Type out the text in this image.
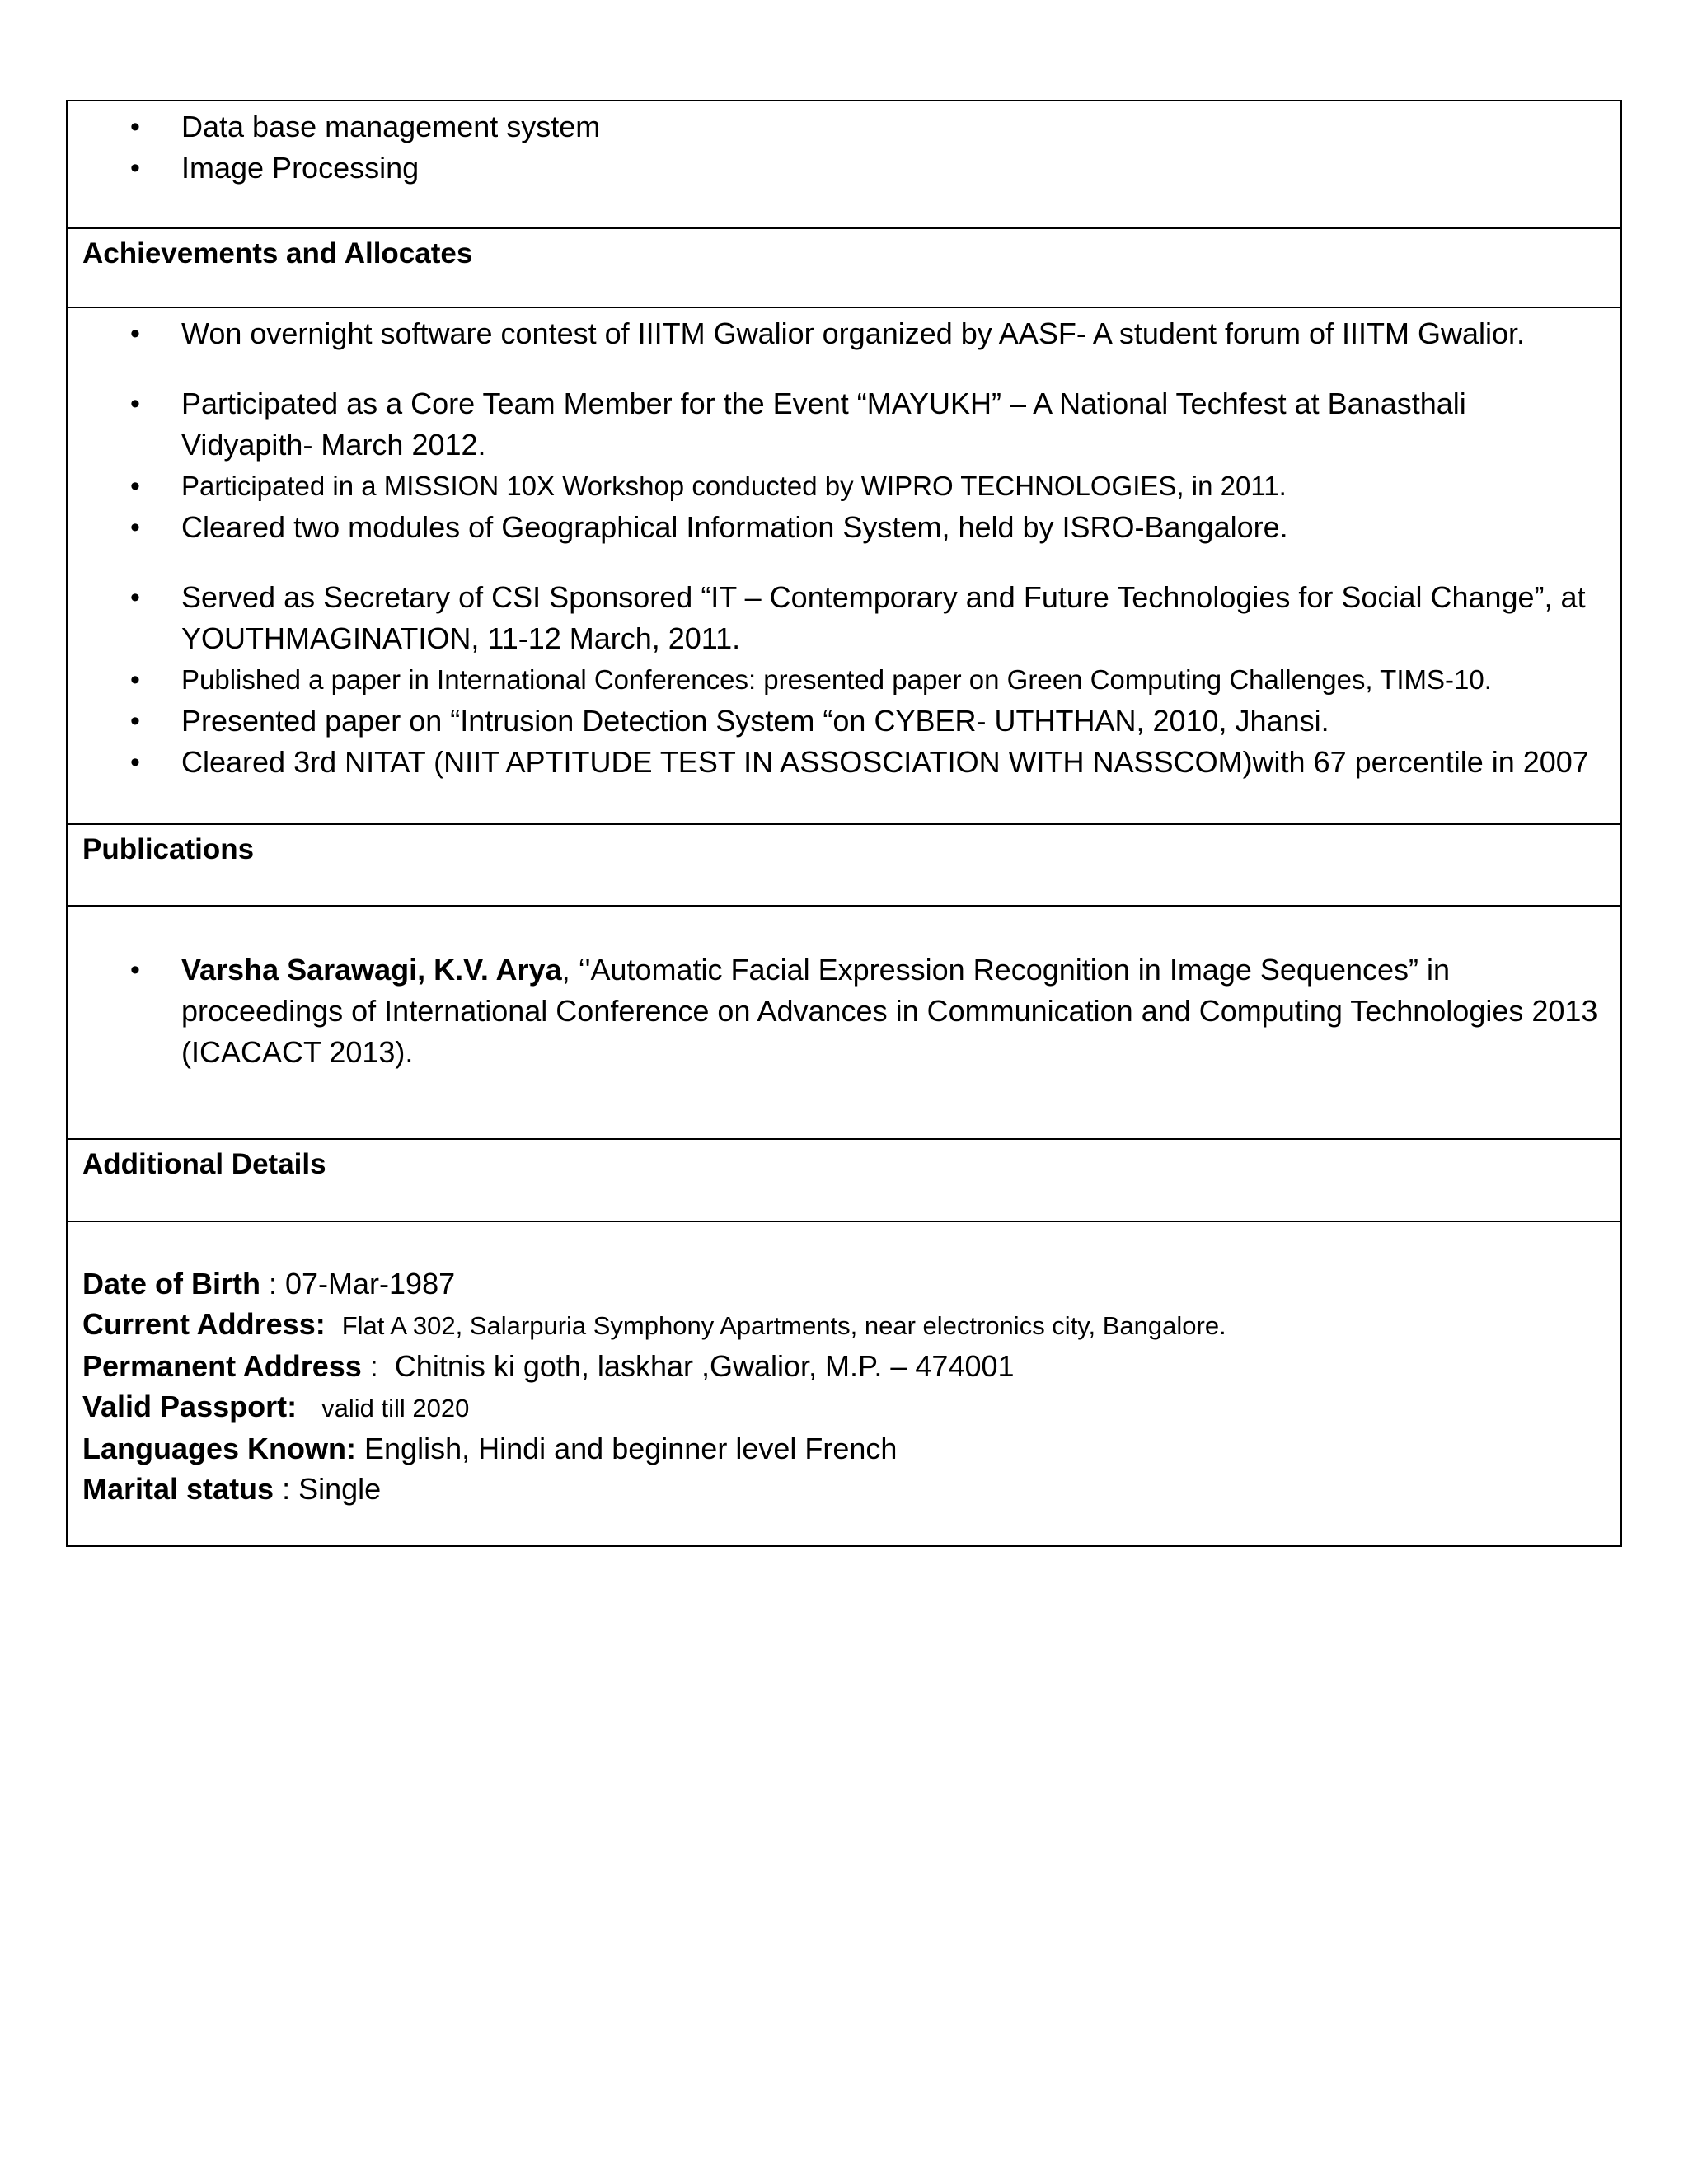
• Data base management system
• Image Processing
Achievements and Allocates
• Won overnight software contest of IIITM Gwalior organized by AASF- A student forum of IIITM Gwalior.
• Participated as a Core Team Member for the Event “MAYUKH” – A National Techfest at Banasthali Vidyapith- March 2012.
• Participated in a MISSION 10X Workshop conducted by WIPRO TECHNOLOGIES, in 2011.
• Cleared two modules of Geographical Information System, held by ISRO-Bangalore.
• Served as Secretary of CSI Sponsored “IT – Contemporary and Future Technologies for Social Change”, at YOUTHMAGINATION, 11-12 March, 2011.
• Published a paper in International Conferences: presented paper on Green Computing Challenges, TIMS-10.
• Presented paper on “Intrusion Detection System “on CYBER- UTHTHAN, 2010, Jhansi.
• Cleared 3rd NITAT (NIIT APTITUDE TEST IN ASSOSCIATION WITH NASSCOM)with 67 percentile in 2007
Publications
• Varsha Sarawagi, K.V. Arya, ‘'Automatic Facial Expression Recognition in Image Sequences” in proceedings of International Conference on Advances in Communication and Computing Technologies 2013 (ICACACT 2013).
Additional Details
Date of Birth : 07-Mar-1987
Current Address: Flat A 302, Salarpuria Symphony Apartments, near electronics city, Bangalore.
Permanent Address :  Chitnis ki goth, laskhar ,Gwalior, M.P. – 474001
Valid Passport: valid till 2020
Languages Known: English, Hindi and beginner level French
Marital status : Single
